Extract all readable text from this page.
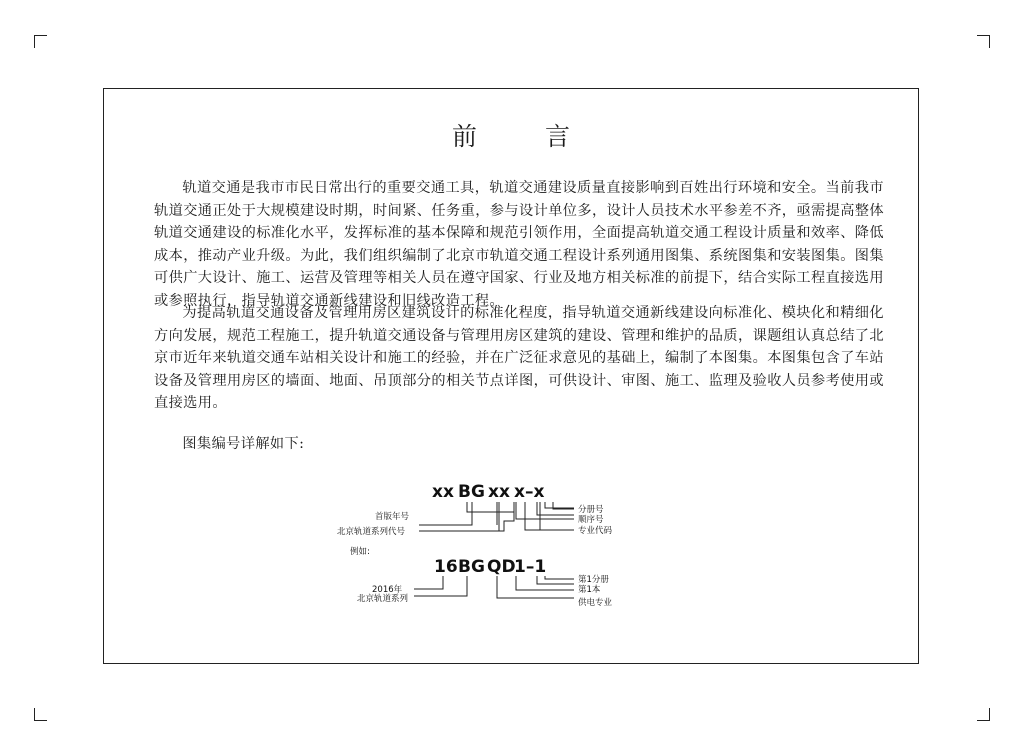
前 言

轨道交通是我市市民日常出行的重要交通工具，轨道交通建设质量直接影响到百姓出行环境和安全。当前我市轨道交通正处于大规模建设时期，时间紧、任务重，参与设计单位多，设计人员技术水平参差不齐，亟需提高整体轨道交通建设的标准化水平，发挥标准的基本保障和规范引领作用，全面提高轨道交通工程设计质量和效率、降低成本，推动产业升级。为此，我们组织编制了北京市轨道交通工程设计系列通用图集、系统图集和安装图集。图集可供广大设计、施工、运营及管理等相关人员在遵守国家、行业及地方相关标准的前提下，结合实际工程直接选用或参照执行，指导轨道交通新线建设和旧线改造工程。

为提高轨道交通设备及管理用房区建筑设计的标准化程度，指导轨道交通新线建设向标准化、模块化和精细化方向发展，规范工程施工，提升轨道交通设备与管理用房区建筑的建设、管理和维护的品质，课题组认真总结了北京市近年来轨道交通车站相关设计和施工的经验，并在广泛征求意见的基础上，编制了本图集。本图集包含了车站设备及管理用房区的墙面、地面、吊顶部分的相关节点详图，可供设计、审图、施工、监理及验收人员参考使用或直接选用。

图集编号详解如下:

xx BG xx x–x
分册号
顺序号
专业代码
首版年号
北京轨道系列代号
例如:
16 BG QD
1–1
第1分册
第1本
供电专业
2016年
北京轨道系列
